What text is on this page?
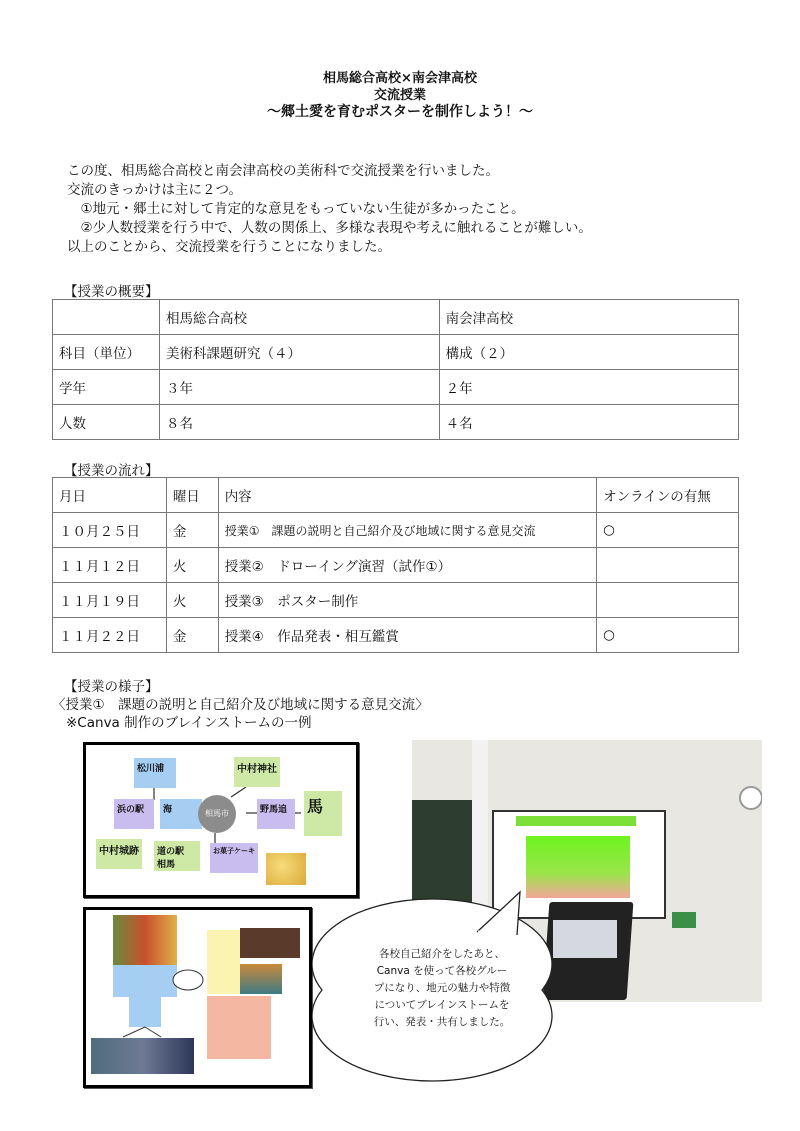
相馬総合高校×南会津高校
交流授業
～郷土愛を育むポスターを制作しよう！～
この度、相馬総合高校と南会津高校の美術科で交流授業を行いました。
交流のきっかけは主に２つ。
　①地元・郷土に対して肯定的な意見をもっていない生徒が多かったこと。
　②少人数授業を行う中で、人数の関係上、多様な表現や考えに触れることが難しい。
以上のことから、交流授業を行うことになりました。
【授業の概要】
	相馬総合高校	南会津高校
科目（単位）	美術科課題研究（４）	構成（２）
学年	３年	２年
人数	８名	４名
【授業の流れ】
月日	曜日	内容	オンラインの有無
１０月２５日	金	授業①　課題の説明と自己紹介及び地域に関する意見交流	○
１１月１２日	火	授業②　ドローイング演習（試作①）	
１１月１９日	火	授業③　ポスター制作	
１１月２２日	金	授業④　作品発表・相互鑑賞	○
【授業の様子】
〈授業①　課題の説明と自己紹介及び地域に関する意見交流〉
※Canva 制作のブレインストームの一例
松川浦	中村神社
浜の駅	海	相馬市	野馬追	馬
中村城跡 道の駅　相馬
お菓子ケーキ
各校自己紹介をしたあと、
Canva を使って各校グルー
プになり、地元の魅力や特徴
についてブレインストームを
行い、発表・共有しました。
